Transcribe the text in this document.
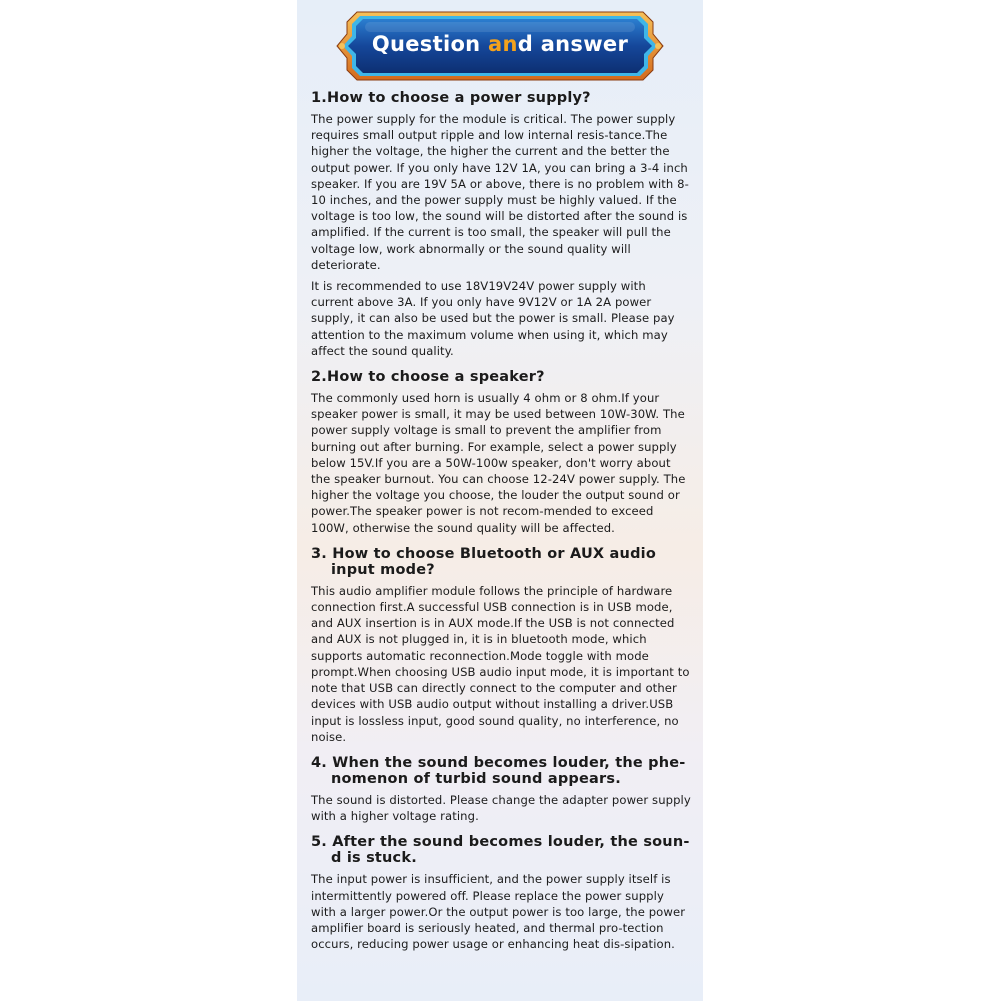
Question and answer
1.How to choose a power supply?
The power supply for the module is critical. The power supply requires small output ripple and low internal resis-tance.The higher the voltage, the higher the current and the better the output power. If you only have 12V 1A, you can bring a 3-4 inch speaker. If you are 19V 5A or above, there is no problem with 8-10 inches, and the power supply must be highly valued. If the voltage is too low, the sound will be distorted after the sound is amplified. If the current is too small, the speaker will pull the voltage low, work abnormally or the sound quality will deteriorate.
It is recommended to use 18V19V24V power supply with current above 3A. If you only have 9V12V or 1A 2A power supply, it can also be used but the power is small. Please pay attention to the maximum volume when using it, which may affect the sound quality.
2.How to choose a speaker?
The commonly used horn is usually 4 ohm or 8 ohm.If your speaker power is small, it may be used between 10W-30W. The power supply voltage is small to prevent the amplifier from burning out after burning. For example, select a power supply below 15V.If you are a 50W-100w speaker, don't worry about the speaker burnout. You can choose 12-24V power supply. The higher the voltage you choose, the louder the output sound or power.The speaker power is not recom-mended to exceed 100W, otherwise the sound quality will be affected.
3. How to choose Bluetooth or AUX audio input mode?
This audio amplifier module follows the principle of hardware connection first.A successful USB connection is in USB mode, and AUX insertion is in AUX mode.If the USB is not connected and AUX is not plugged in, it is in bluetooth mode, which supports automatic reconnection.Mode toggle with mode prompt.When choosing USB audio input mode, it is important to note that USB can directly connect to the computer and other devices with USB audio output without installing a driver.USB input is lossless input, good sound quality, no interference, no noise.
4. When the sound becomes louder, the phe-nomenon of turbid sound appears.
The sound is distorted. Please change the adapter power supply with a higher voltage rating.
5. After the sound becomes louder, the soun-d is stuck.
The input power is insufficient, and the power supply itself is intermittently powered off. Please replace the power supply with a larger power.Or the output power is too large, the power amplifier board is seriously heated, and thermal pro-tection occurs, reducing power usage or enhancing heat dis-sipation.
